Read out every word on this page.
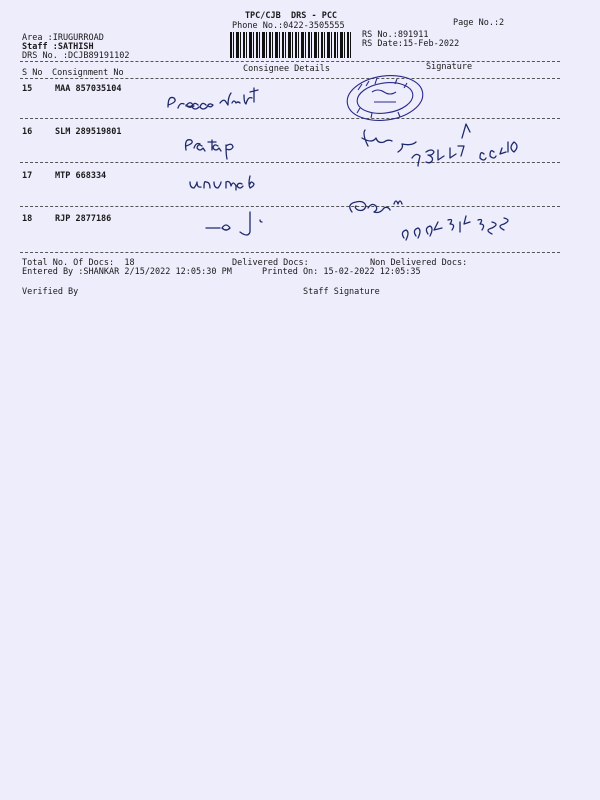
TPC/CJB  DRS - PCC
Phone No.:0422-3505555	Page No.:2
Area :IRUGURROAD
Staff :SATHISH
DRS No. :DCJB89191102
RS No.:891911
RS Date:15-Feb-2022
S No Consignment No	Consignee Details	Signature
15	MAA 857035104
16	SLM 289519801
17	MTP 668334
18	RJP 2877186
Total No. Of Docs:  18	Delivered Docs:	Non Delivered Docs:
Entered By :SHANKAR 2/15/2022 12:05:30 PM	Printed On: 15-02-2022 12:05:35
Verified By	Staff Signature
